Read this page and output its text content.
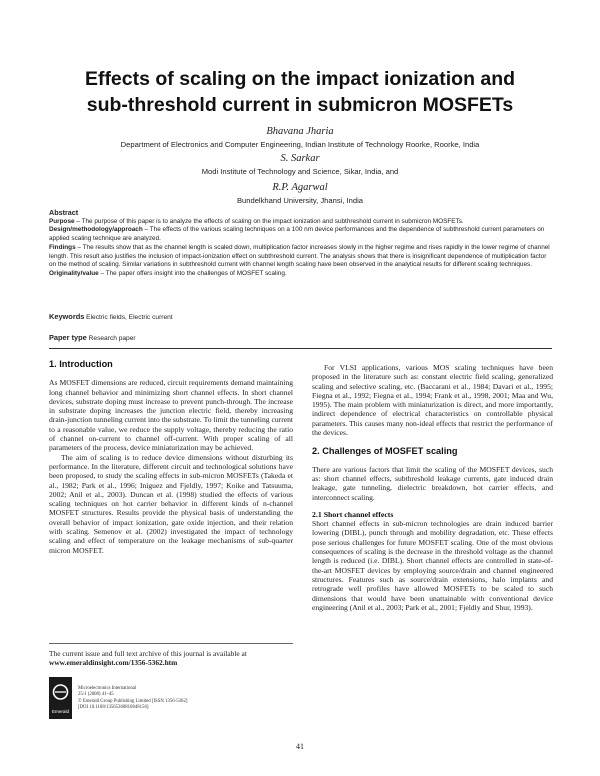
Effects of scaling on the impact ionization and
sub-threshold current in submicron MOSFETs
Bhavana Jharia
Department of Electronics and Computer Engineering, Indian Institute of Technology Roorke, Roorke, India
S. Sarkar
Modi Institute of Technology and Science, Sikar, India, and
R.P. Agarwal
Bundelkhand University, Jhansi, India

Abstract

Purpose – The purpose of this paper is to analyze the effects of scaling on the impact ionization and subthreshold current in submicron MOSFETs.

Design/methodology/approach – The effects of the various scaling techniques on a 100 nm device performances and the dependence of subthreshold current parameters on applied scaling technique are analyzed.

Findings – The results show that as the channel length is scaled down, multiplication factor increases slowly in the higher regime and rises rapidly in the lower regime of channel length. This result also justifies the inclusion of impact-ionization effect on subthreshold current. The analysis shows that there is insignificant dependence of multiplication factor on the method of scaling. Similar variations in subthreshold current with channel length scaling have been observed in the analytical results for different scaling techniques.

Originality/value – The paper offers insight into the challenges of MOSFET scaling.

Keywords Electric fields, Electric current
Paper type Research paper

1. Introduction

As MOSFET dimensions are reduced, circuit requirements demand maintaining long channel behavior and minimizing short channel effects. In short channel devices, substrate doping must increase to prevent punch-through. The increase in substrate doping increases the junction electric field, thereby increasing drain-junction tunneling current into the substrate. To limit the tunneling current to a reasonable value, we reduce the supply voltage, thereby reducing the ratio of channel on-current to channel off-current. With proper scaling of all parameters of the process, device miniaturization may be achieved.

The aim of scaling is to reduce device dimensions without disturbing its performance. In the literature, different circuit and technological solutions have been proposed, to study the scaling effects in sub-micron MOSFETs (Takeda et al., 1982; Park et al., 1996; Iniguez and Fjeldly, 1997; Koike and Tatsuuma, 2002; Anil et al., 2003). Duncan et al. (1998) studied the effects of various scaling techniques on hot carrier behavior in different kinds of n-channel MOSFET structures. Results provide the physical basis of understanding the overall behavior of impact ionization, gate oxide injection, and their relation with scaling. Semenov et al. (2002) investigated the impact of technology scaling and effect of temperature on the leakage mechanisms of sub-quarter micron MOSFET.

The current issue and full text archive of this journal is available at
www.emeraldinsight.com/1356-5362.htm
Emerald
Microelectronics International
25/1 (2008) 41–45
© Emerald Group Publishing Limited [ISSN 1356-5362]
[DOI 10.1108/13565360810848156]

For VLSI applications, various MOS scaling techniques have been proposed in the literature such as: constant electric field scaling, generalized scaling and selective scaling, etc. (Baccarani et al., 1984; Davari et al., 1995; Fiegna et al., 1992; Fiegna et al., 1994; Frank et al., 1998, 2001; Maa and Wu, 1995). The main problem with miniaturization is direct, and more importantly, indirect dependence of electrical characteristics on controllable physical parameters. This causes many non-ideal effects that restrict the performance of the devices.

2. Challenges of MOSFET scaling

There are various factors that limit the scaling of the MOSFET devices, such as: short channel effects, subthreshold leakage currents, gate induced drain leakage, gate tunneling, dielectric breakdown, hot carrier effects, and interconnect scaling.

2.1 Short channel effects

Short channel effects in sub-micron technologies are drain induced barrier lowering (DIBL), punch through and mobility degradation, etc. These effects pose serious challenges for future MOSFET scaling. One of the most obvious consequences of scaling is the decrease in the threshold voltage as the channel length is reduced (i.e. DIBL). Short channel effects are controlled in state-of-the-art MOSFET devices by employing source/drain and channel engineered structures. Features such as source/drain extensions, halo implants and retrograde well profiles have allowed MOSFETs to be scaled to such dimensions that would have been unattainable with conventional device engineering (Anil et al., 2003; Park et al., 2001; Fjeldly and Shur, 1993).

41
